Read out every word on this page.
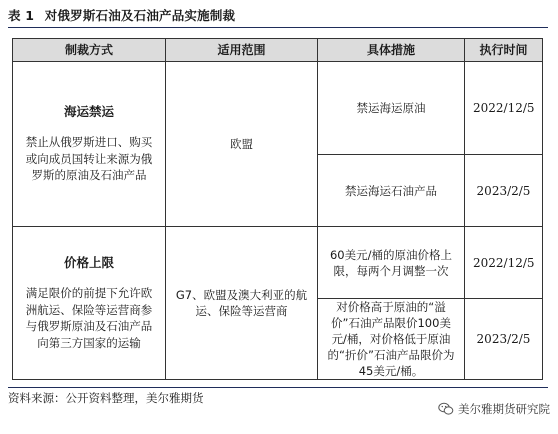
表 1 对俄罗斯石油及石油产品实施制裁
制裁方式	适用范围	具体措施	执行时间

海运禁运
禁止从俄罗斯进口、购买或向成员国转让来源为俄罗斯的原油及石油产品	欧盟	禁运海运原油	2022/12/5
		禁运海运石油产品	2023/2/5

价格上限
满足限价的前提下允许欧洲航运、保险等运营商参与俄罗斯原油及石油产品向第三方国家的运输	G7、欧盟及澳大利亚的航运、保险等运营商	60美元/桶的原油价格上限，每两个月调整一次	2022/12/5
		对价格高于原油的“溢价”石油产品限价100美元/桶，对价格低于原油的“折价”石油产品限价为45美元/桶。	2023/2/5
资料来源：公开资料整理，美尔雅期货
美尔雅期货研究院
